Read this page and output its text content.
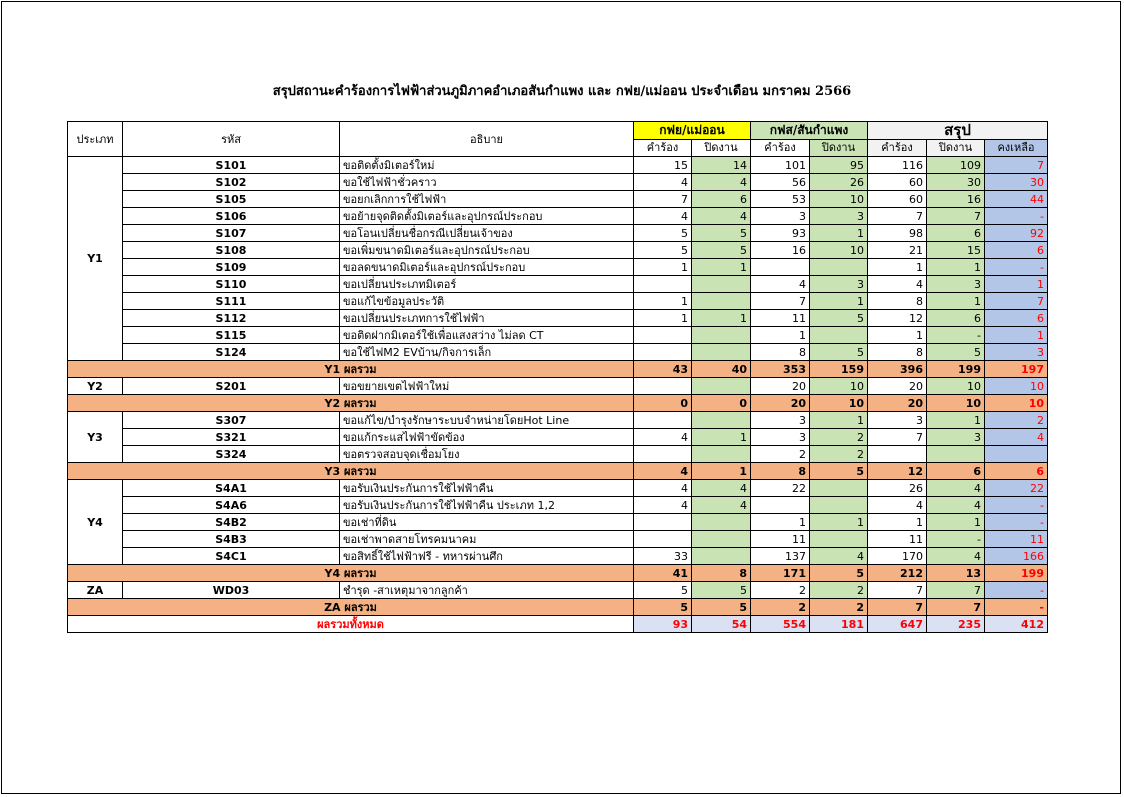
สรุปสถานะคำร้องการไฟฟ้าส่วนภูมิภาคอำเภอสันกำแพง และ กฟย/แม่ออน ประจำเดือน มกราคม 2566
ประเภท	รหัส	อธิบาย	กฟย/แม่ออน		กฟส/สันกำแพง		สรุป		
			คำร้อง	ปิดงาน	คำร้อง	ปิดงาน	คำร้อง	ปิดงาน	คงเหลือ
Y1	S101	ขอติดตั้งมิเตอร์ใหม่	15	14	101	95	116	109	7
	S102	ขอใช้ไฟฟ้าชั่วคราว	4	4	56	26	60	30	30
	S105	ขอยกเลิกการใช้ไฟฟ้า	7	6	53	10	60	16	44
	S106	ขอย้ายจุดติดตั้งมิเตอร์และอุปกรณ์ประกอบ	4	4	3	3	7	7	-
	S107	ขอโอนเปลี่ยนชื่อกรณีเปลี่ยนเจ้าของ	5	5	93	1	98	6	92
	S108	ขอเพิ่มขนาดมิเตอร์และอุปกรณ์ประกอบ	5	5	16	10	21	15	6
	S109	ขอลดขนาดมิเตอร์และอุปกรณ์ประกอบ	1	1			1	1	-
	S110	ขอเปลี่ยนประเภทมิเตอร์			4	3	4	3	1
	S111	ขอแก้ไขข้อมูลประวัติ	1		7	1	8	1	7
	S112	ขอเปลี่ยนประเภทการใช้ไฟฟ้า	1	1	11	5	12	6	6
	S115	ขอติดฝากมิเตอร์ใช้เพื่อแสงสว่าง ไม่ลด CT			1		1	-	1
	S124	ขอใช้ไฟM2 EVบ้าน/กิจการเล็ก			8	5	8	5	3
Y1 ผลรวม			43	40	353	159	396	199	197
Y2	S201	ขอขยายเขตไฟฟ้าใหม่			20	10	20	10	10
Y2 ผลรวม			0	0	20	10	20	10	10
Y3	S307	ขอแก้ไข/บำรุงรักษาระบบจำหน่ายโดยHot Line			3	1	3	1	2
	S321	ขอแก้กระแสไฟฟ้าขัดข้อง	4	1	3	2	7	3	4
	S324	ขอตรวจสอบจุดเชื่อมโยง			2	2			
Y3 ผลรวม			4	1	8	5	12	6	6
Y4	S4A1	ขอรับเงินประกันการใช้ไฟฟ้าคืน	4	4	22		26	4	22
	S4A6	ขอรับเงินประกันการใช้ไฟฟ้าคืน ประเภท 1,2	4	4			4	4	-
	S4B2	ขอเช่าที่ดิน			1	1	1	1	-
	S4B3	ขอเช่าพาดสายโทรคมนาคม			11		11	-	11
	S4C1	ขอสิทธิ์ใช้ไฟฟ้าฟรี - ทหารผ่านศึก	33		137	4	170	4	166
Y4 ผลรวม			41	8	171	5	212	13	199
ZA	WD03	ชำรุด -สาเหตุมาจากลูกค้า	5	5	2	2	7	7	-
ZA ผลรวม			5	5	2	2	7	7	-
ผลรวมทั้งหมด			93	54	554	181	647	235	412
